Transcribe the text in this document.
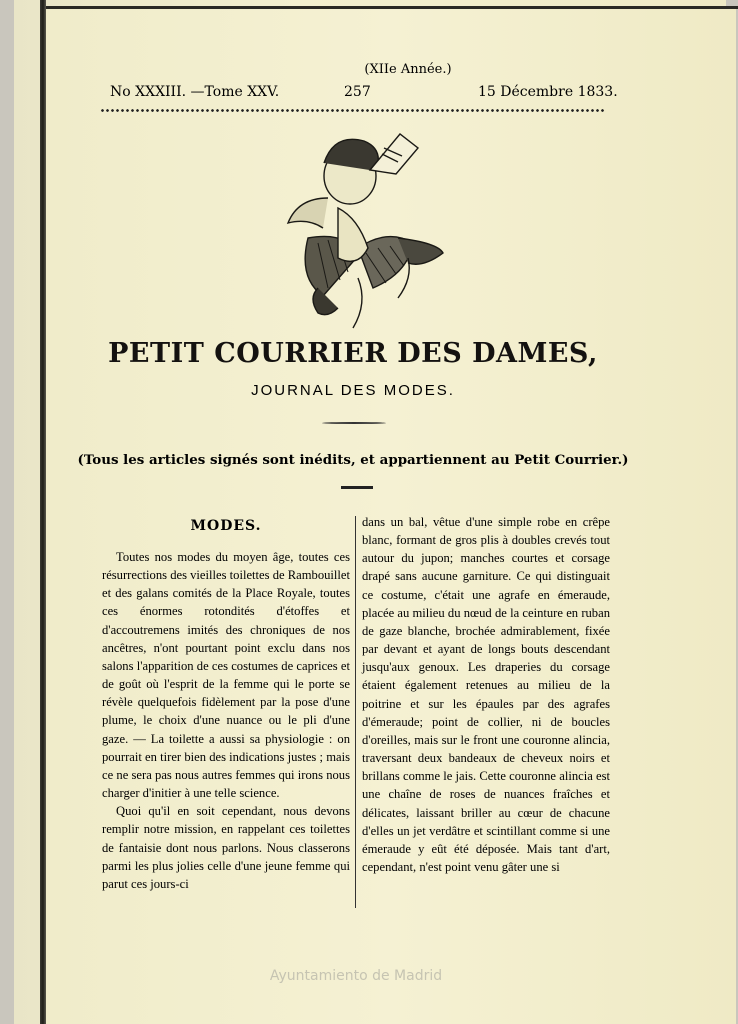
(XIIe Année.)
No XXXIII. —Tome XXV.	257	15 Décembre 1833.
PETIT COURRIER DES DAMES,
JOURNAL DES MODES.
(Tous les articles signés sont inédits, et appartiennent au Petit Courrier.)
MODES.

Toutes nos modes du moyen âge, toutes ces résurrections des vieilles toilettes de Rambouillet et des galans comités de la Place Royale, toutes ces énormes rotondités d'étoffes et d'accoutremens imités des chroniques de nos ancêtres, n'ont pourtant point exclu dans nos salons l'apparition de ces costumes de caprices et de goût où l'esprit de la femme qui le porte se révèle quelquefois fidèlement par la pose d'une plume, le choix d'une nuance ou le pli d'une gaze. — La toilette a aussi sa physiologie : on pourrait en tirer bien des indications justes ; mais ce ne sera pas nous autres femmes qui irons nous charger d'initier à une telle science.

Quoi qu'il en soit cependant, nous devons remplir notre mission, en rappelant ces toilettes de fantaisie dont nous parlons. Nous classerons parmi les plus jolies celle d'une jeune femme qui parut ces jours-ci

dans un bal, vêtue d'une simple robe en crêpe blanc, formant de gros plis à doubles crevés tout autour du jupon; manches courtes et corsage drapé sans aucune garniture. Ce qui distinguait ce costume, c'était une agrafe en émeraude, placée au milieu du nœud de la ceinture en ruban de gaze blanche, brochée admirablement, fixée par devant et ayant de longs bouts descendant jusqu'aux genoux. Les draperies du corsage étaient également retenues au milieu de la poitrine et sur les épaules par des agrafes d'émeraude; point de collier, ni de boucles d'oreilles, mais sur le front une couronne alincia, traversant deux bandeaux de cheveux noirs et brillans comme le jais. Cette couronne alincia est une chaîne de roses de nuances fraîches et délicates, laissant briller au cœur de chacune d'elles un jet verdâtre et scintillant comme si une émeraude y eût été déposée. Mais tant d'art, cependant, n'est point venu gâter une si

Ayuntamiento de Madrid
